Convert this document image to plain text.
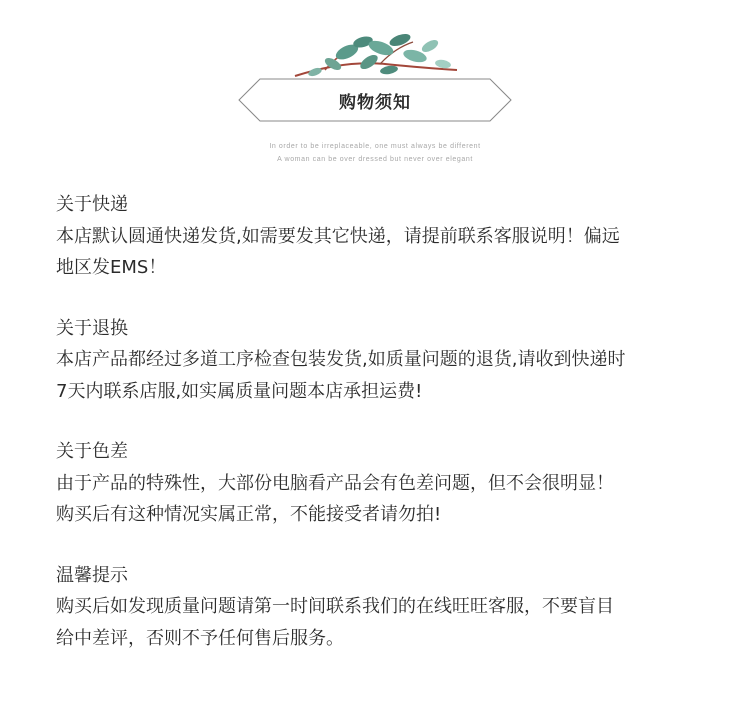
购物须知
In order to be irreplaceable, one must always be different
A woman can be over dressed but never over elegant
关于快递
本店默认圆通快递发货,如需要发其它快递，请提前联系客服说明！偏远
地区发EMS！
关于退换
本店产品都经过多道工序检查包装发货,如质量问题的退货,请收到快递时
7天内联系店服,如实属质量问题本店承担运费!
关于色差
由于产品的特殊性，大部份电脑看产品会有色差问题，但不会很明显！
购买后有这种情况实属正常，不能接受者请勿拍!
温馨提示
购买后如发现质量问题请第一时间联系我们的在线旺旺客服，不要盲目
给中差评，否则不予任何售后服务。
